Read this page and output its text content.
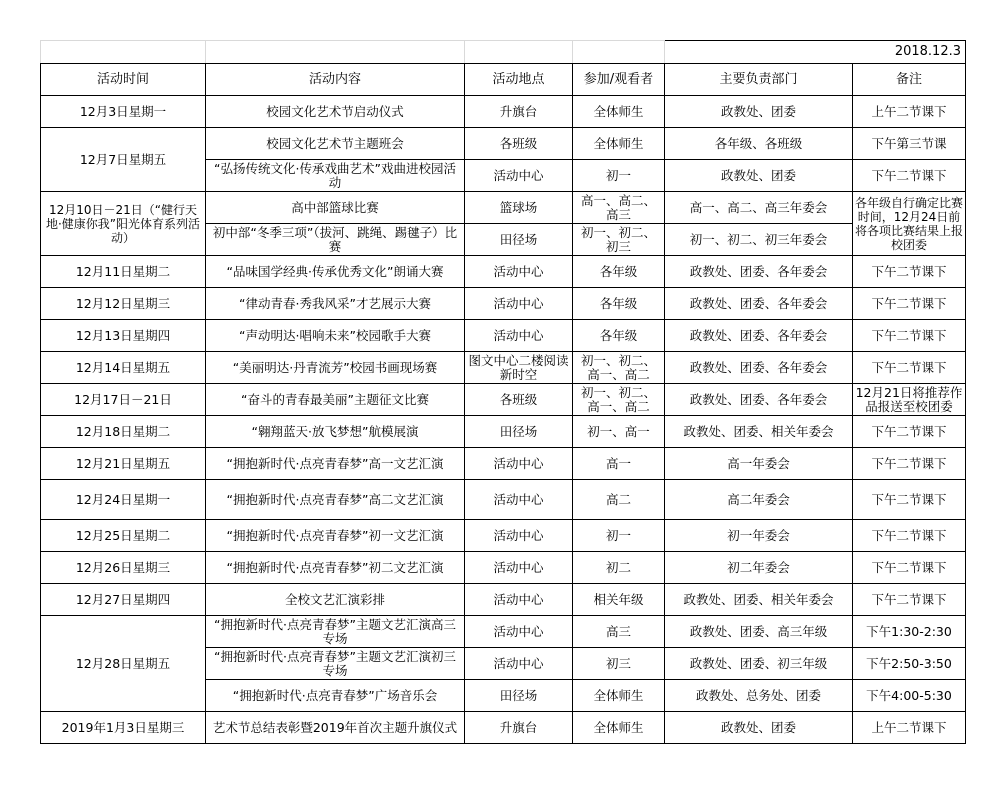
				2018.12.3	
活动时间	活动内容	活动地点	参加/观看者	主要负责部门	备注
12月3日星期一	校园文化艺术节启动仪式	升旗台	全体师生	政教处、团委	上午二节课下
12月7日星期五	校园文化艺术节主题班会	各班级	全体师生	各年级、各班级	下午第三节课
	“弘扬传统文化·传承戏曲艺术”戏曲进校园活动	活动中心	初一	政教处、团委	下午二节课下
12月10日－21日（“健行天地·健康你我”阳光体育系列活动）	高中部篮球比赛	篮球场	高一、高二、高三	高一、高二、高三年委会	各年级自行确定比赛时间，12月24日前将各项比赛结果上报校团委
	初中部“冬季三项”（拔河、跳绳、踢毽子）比赛	田径场	初一、初二、初三	初一、初二、初三年委会	
12月11日星期二	“品味国学经典·传承优秀文化”朗诵大赛	活动中心	各年级	政教处、团委、各年委会	下午二节课下
12月12日星期三	“律动青春·秀我风采”才艺展示大赛	活动中心	各年级	政教处、团委、各年委会	下午二节课下
12月13日星期四	“声动明达·唱响未来”校园歌手大赛	活动中心	各年级	政教处、团委、各年委会	下午二节课下
12月14日星期五	“美丽明达·丹青流芳”校园书画现场赛	图文中心二楼阅读新时空	初一、初二、高一、高二	政教处、团委、各年委会	下午二节课下
12月17日－21日	“奋斗的青春最美丽”主题征文比赛	各班级	初一、初二、高一、高二	政教处、团委、各年委会	12月21日将推荐作品报送至校团委
12月18日星期二	“翱翔蓝天·放飞梦想”航模展演	田径场	初一、高一	政教处、团委、相关年委会	下午二节课下
12月21日星期五	“拥抱新时代·点亮青春梦”高一文艺汇演	活动中心	高一	高一年委会	下午二节课下
12月24日星期一	“拥抱新时代·点亮青春梦”高二文艺汇演	活动中心	高二	高二年委会	下午二节课下
12月25日星期二	“拥抱新时代·点亮青春梦”初一文艺汇演	活动中心	初一	初一年委会	下午二节课下
12月26日星期三	“拥抱新时代·点亮青春梦”初二文艺汇演	活动中心	初二	初二年委会	下午二节课下
12月27日星期四	全校文艺汇演彩排	活动中心	相关年级	政教处、团委、相关年委会	下午二节课下
12月28日星期五	“拥抱新时代·点亮青春梦”主题文艺汇演高三专场	活动中心	高三	政教处、团委、高三年级	下午1:30-2:30
	“拥抱新时代·点亮青春梦”主题文艺汇演初三专场	活动中心	初三	政教处、团委、初三年级	下午2:50-3:50
	“拥抱新时代·点亮青春梦”广场音乐会	田径场	全体师生	政教处、总务处、团委	下午4:00-5:30
2019年1月3日星期三	艺术节总结表彰暨2019年首次主题升旗仪式	升旗台	全体师生	政教处、团委	上午二节课下
